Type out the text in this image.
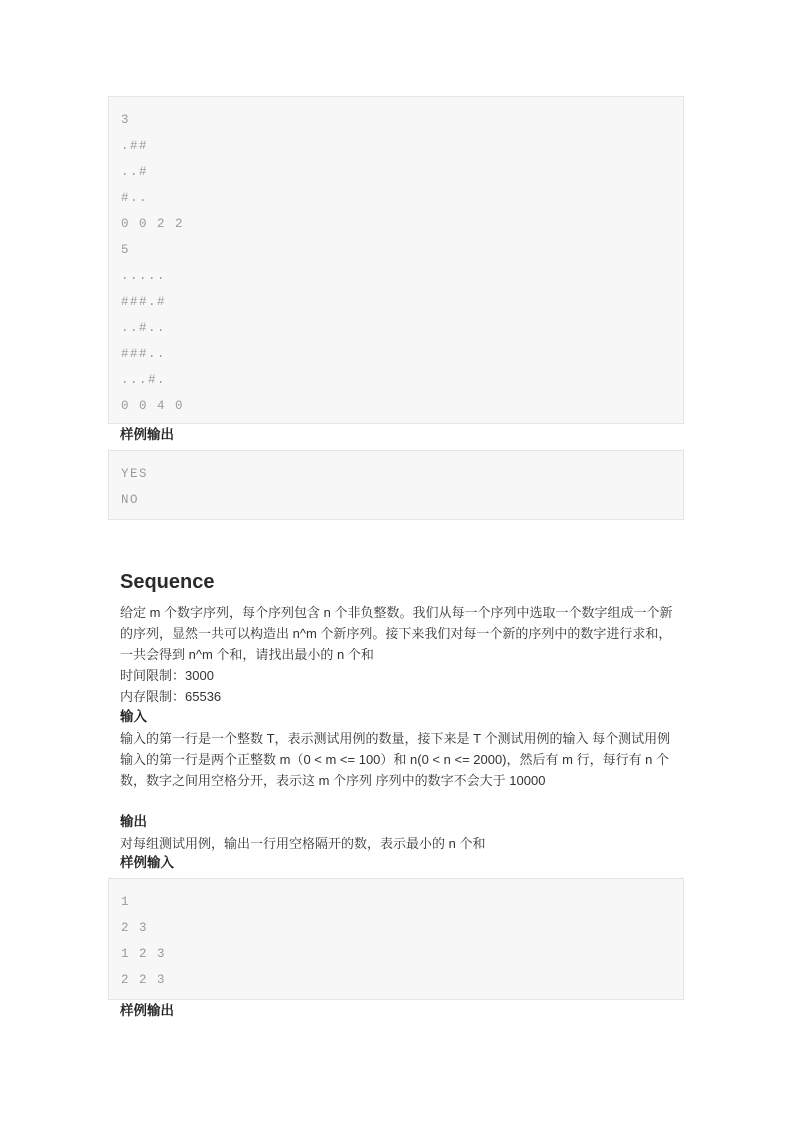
3
.##
..#
#..
0 0 2 2
5
.....
###.#
..#..
###..
...#.
0 0 4 0
样例输出
YES
NO
Sequence
给定 m 个数字序列，每个序列包含 n 个非负整数。我们从每一个序列中选取一个数字组成一个新的序列，显然一共可以构造出 n^m 个新序列。接下来我们对每一个新的序列中的数字进行求和，一共会得到 n^m 个和，请找出最小的 n 个和
时间限制：3000
内存限制：65536
输入
输入的第一行是一个整数 T，表示测试用例的数量，接下来是 T 个测试用例的输入 每个测试用例输入的第一行是两个正整数 m（0 < m <= 100）和 n(0 < n <= 2000)，然后有 m 行，每行有 n 个数，数字之间用空格分开，表示这 m 个序列 序列中的数字不会大于 10000
输出
对每组测试用例，输出一行用空格隔开的数，表示最小的 n 个和
样例输入
1
2 3
1 2 3
2 2 3
样例输出
